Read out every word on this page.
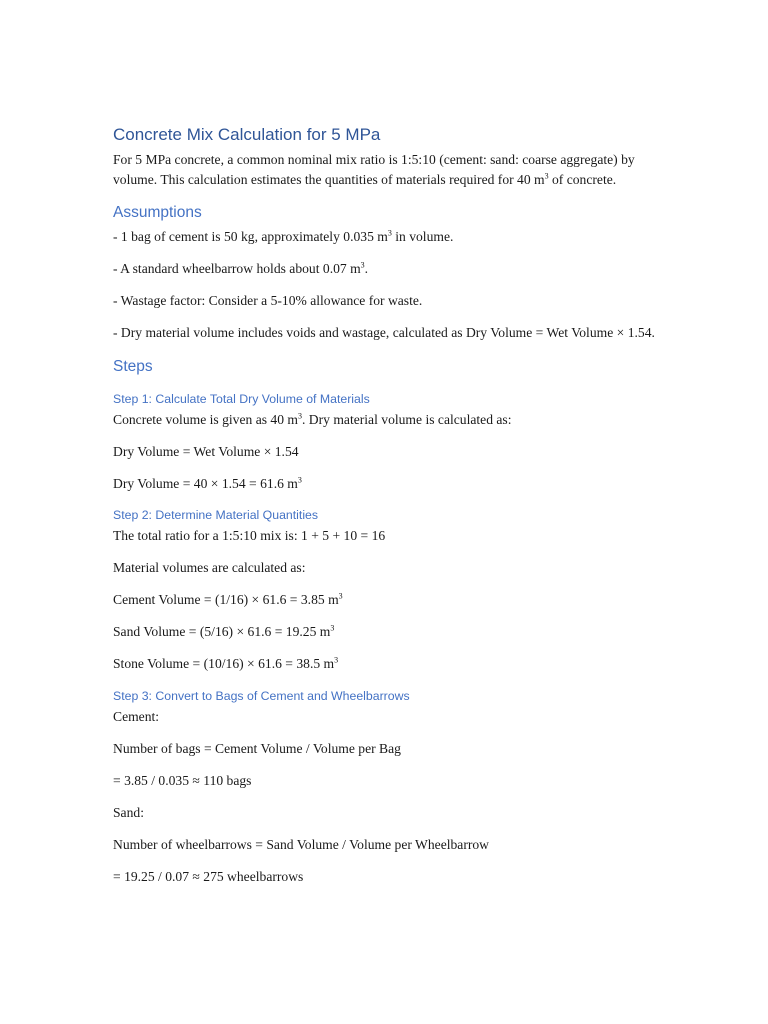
Concrete Mix Calculation for 5 MPa

For 5 MPa concrete, a common nominal mix ratio is 1:5:10 (cement: sand: coarse aggregate) by volume. This calculation estimates the quantities of materials required for 40 $m^3$ of concrete.

Assumptions

- 1 bag of cement is 50 kg, approximately 0.035 $m^3$ in volume.

- A standard wheelbarrow holds about 0.07 $m^3$.

- Wastage factor: Consider a 5-10% allowance for waste.

- Dry material volume includes voids and wastage, calculated as Dry Volume = Wet Volume × 1.54.

Steps
Step 1: Calculate Total Dry Volume of Materials

Concrete volume is given as 40 $m^3$. Dry material volume is calculated as:

Dry Volume = Wet Volume × 1.54

Dry Volume = 40 × 1.54 = 61.6 $m^3$

Step 2: Determine Material Quantities

The total ratio for a 1:5:10 mix is: 1 + 5 + 10 = 16

Material volumes are calculated as:

Cement Volume = (1/16) × 61.6 = 3.85 $m^3$

Sand Volume = (5/16) × 61.6 = 19.25 $m^3$

Stone Volume = (10/16) × 61.6 = 38.5 $m^3$

Step 3: Convert to Bags of Cement and Wheelbarrows

Cement:

Number of bags = Cement Volume / Volume per Bag

= 3.85 / 0.035 ≈ 110 bags

Sand:

Number of wheelbarrows = Sand Volume / Volume per Wheelbarrow

= 19.25 / 0.07 ≈ 275 wheelbarrows
